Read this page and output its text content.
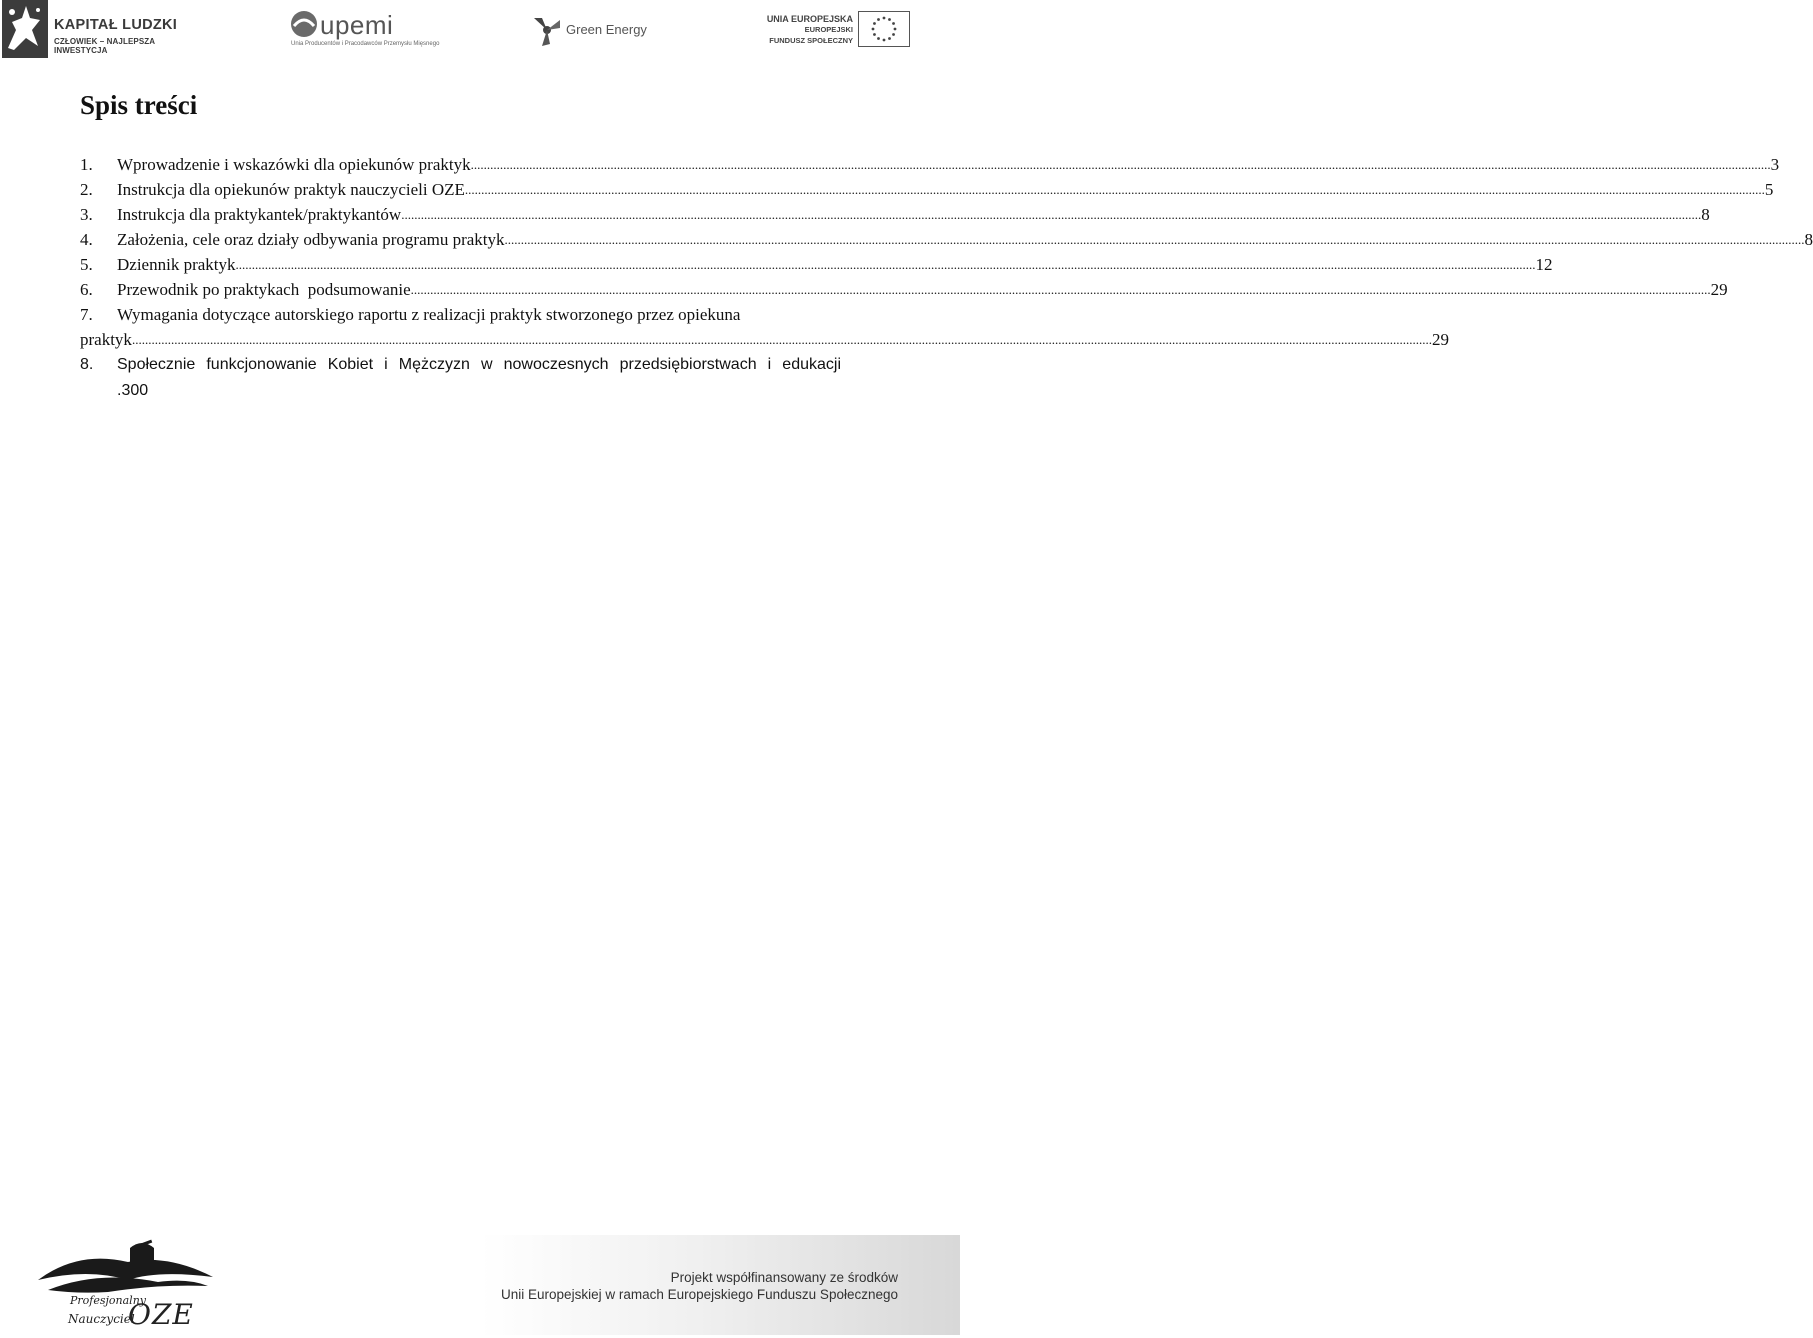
KAPITAŁ LUDZKI
CZŁOWIEK – NAJLEPSZA INWESTYCJA
upemi
Unia Producentów i Pracodawców Przemysłu Mięsnego
Green Energy
UNIA EUROPEJSKA
EUROPEJSKI
FUNDUSZ SPOŁECZNY
Spis treści
1.	Wprowadzenie i wskazówki dla opiekunów praktyk ................................................................................................................................................................................................................................................................................................................................................................................................................ 3
2.	Instrukcja dla opiekunów praktyk nauczycieli OZE ................................................................................................................................................................................................................................................................................................................................................................................................................ 5
3.	Instrukcja dla praktykantek/praktykantów ................................................................................................................................................................................................................................................................................................................................................................................................................ 8
4.	Założenia, cele oraz działy odbywania programu praktyk ................................................................................................................................................................................................................................................................................................................................................................................................................ 8
5.	Dziennik praktyk ................................................................................................................................................................................................................................................................................................................................................................................................................ 12
6.	Przewodnik po praktykach  podsumowanie ................................................................................................................................................................................................................................................................................................................................................................................................................ 29
7.	Wymagania dotyczące autorskiego raportu z realizacji praktyk stworzonego przez opiekuna
praktyk ................................................................................................................................................................................................................................................................................................................................................................................................................ 29
8.	Społecznie funkcjonowanie Kobiet i Mężczyzn w nowoczesnych przedsiębiorstwach i edukacji
.300
Profesjonalny
Nauczyciel
OZE
Projekt współfinansowany ze środków
Unii Europejskiej w ramach Europejskiego Funduszu Społecznego
